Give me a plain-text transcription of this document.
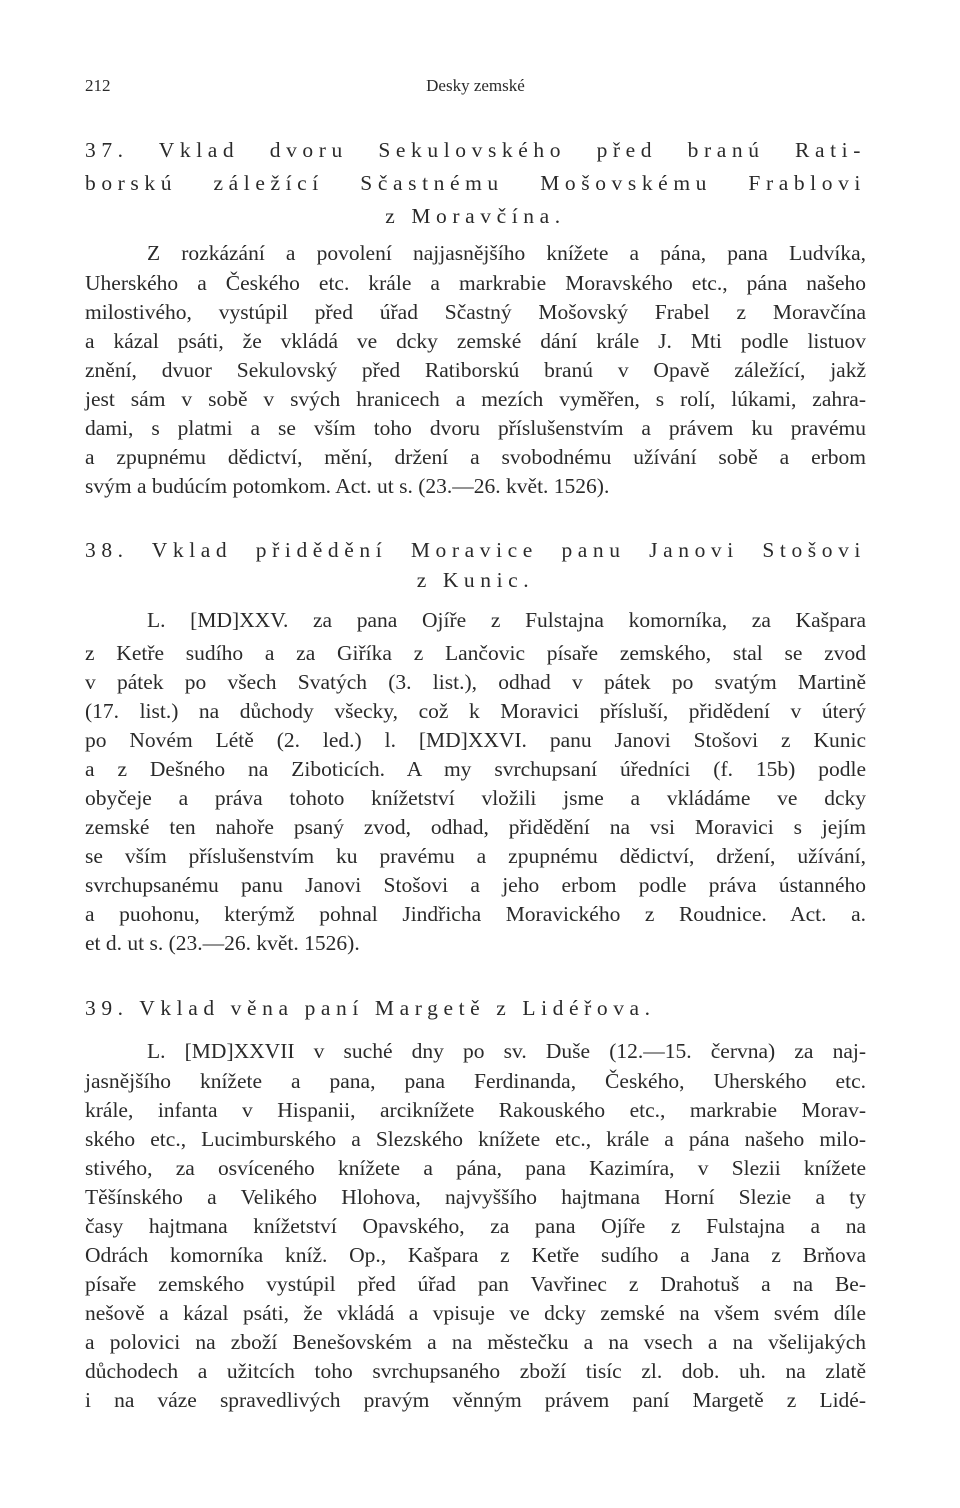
212	Desky zemské
37. Vklad dvoru Sekulovského před branú Rati-
borskú záležící Sčastnému Mošovskému Frablovi
z Moravčína.
Z rozkázání a povolení najjasnějšího knížete a pána, pana Ludvíka,
Uherského a Českého etc. krále a markrabie Moravského etc., pána našeho
milostivého, vystúpil před úřad Sčastný Mošovský Frabel z Moravčína
a kázal psáti, že vkládá ve dcky zemské dání krále J. Mti podle listuov
znění, dvuor Sekulovský před Ratiborskú branú v Opavě záležící, jakž
jest sám v sobě v svých hranicech a mezích vyměřen, s rolí, lúkami, zahra-
dami, s platmi a se vším toho dvoru příslušenstvím a právem ku pravému
a zpupnému dědictví, mění, držení a svobodnému užívání sobě a erbom
svým a budúcím potomkom. Act. ut s. (23.—26. květ. 1526).
38. Vklad přidědění Moravice panu Janovi Stošovi
z Kunic.
L. [MD]XXV. za pana Ojíře z Fulstajna komorníka, za Kašpara
z Ketře sudího a za Giříka z Lančovic písaře zemského, stal se zvod
v pátek po všech Svatých (3. list.), odhad v pátek po svatým Martině
(17. list.) na důchody všecky, což k Moravici přísluší, přidědení v úterý
po Novém Létě (2. led.) l. [MD]XXVI. panu Janovi Stošovi z Kunic
a z Dešného na Ziboticích. A my svrchupsaní úředníci (f. 15b) podle
obyčeje a práva tohoto knížetství vložili jsme a vkládáme ve dcky
zemské ten nahoře psaný zvod, odhad, přidědění na vsi Moravici s jejím
se vším příslušenstvím ku pravému a zpupnému dědictví, držení, užívání,
svrchupsanému panu Janovi Stošovi a jeho erbom podle práva ústanného
a puohonu, kterýmž pohnal Jindřicha Moravického z Roudnice. Act. a.
et d. ut s. (23.—26. květ. 1526).
39. Vklad věna paní Margetě z Lidéřova.
L. [MD]XXVII v suché dny po sv. Duše (12.—15. června) za naj-
jasnějšího knížete a pana, pana Ferdinanda, Českého, Uherského etc.
krále, infanta v Hispanii, arcikníže​te Rakouského etc., markrabie Morav-
ského etc., Lucimburského a Slezského knížete etc., krále a pána našeho milo-
stivého, za osvíceného knížete a pána, pana Kazimíra, v Slezii knížete
Těšínského a Velikého Hlohova, najvyššího hajtmana Horní Slezie a ty
časy hajtmana knížetství Opavského, za pana Ojíře z Fulstajna a na
Odrách komorníka kníž. Op., Kašpara z Ketře sudího a Jana z Brňova
písaře zemského vystúpil před úřad pan Vavřinec z Drahotuš a na Be-
nešově a kázal psáti, že vkládá a vpisuje ve dcky zemské na všem svém díle
a polovici na zboží Benešovském a na městečku a na vsech a na všelijakých
důchodech a užitcích toho svrchupsaného zboží tisíc zl. dob. uh. na zlatě
i na váze spravedlivých pravým věnným právem paní Margetě z Lidé-
